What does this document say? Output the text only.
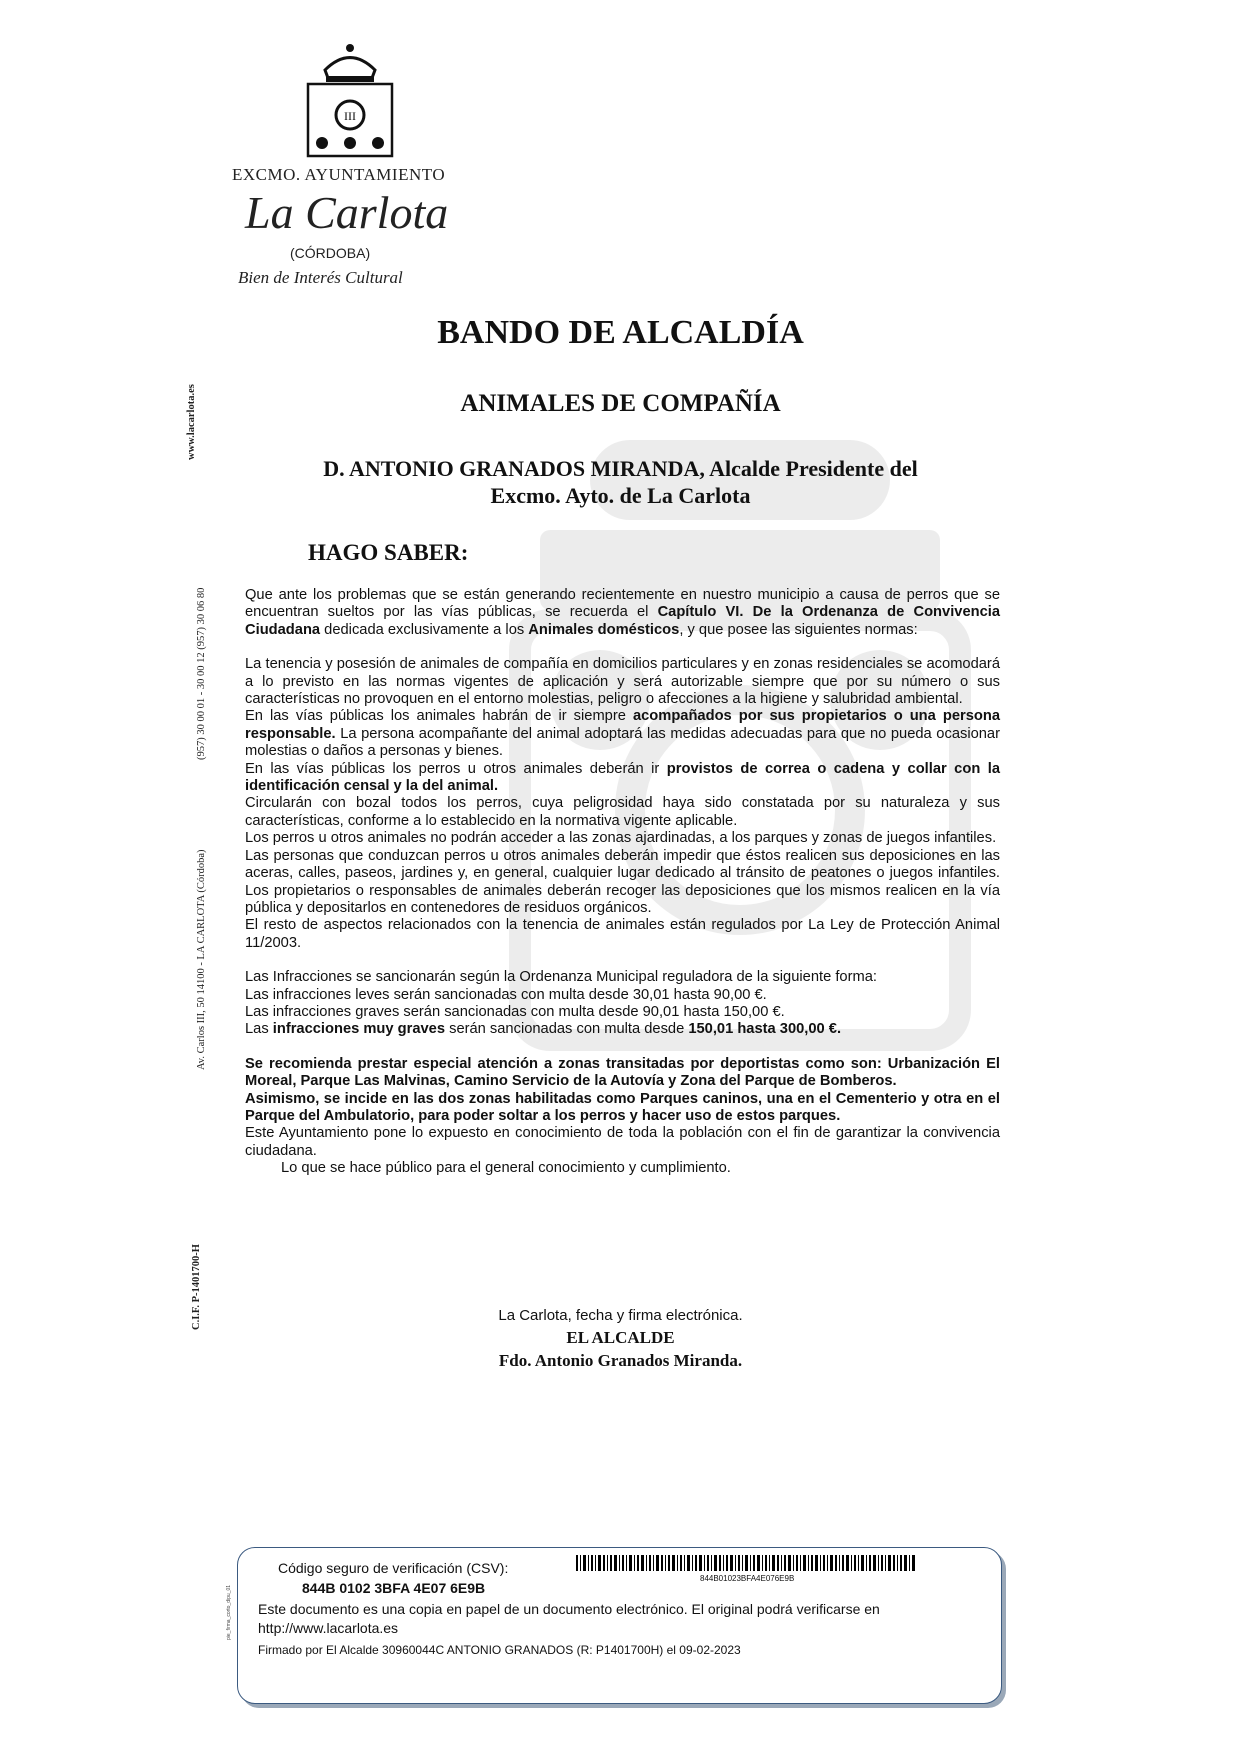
III
EXCMO. AYUNTAMIENTO
La Carlota
(CÓRDOBA)
Bien de Interés Cultural
BANDO DE ALCALDÍA
ANIMALES DE COMPAÑÍA
D. ANTONIO GRANADOS MIRANDA, Alcalde Presidente del
Excmo. Ayto. de La Carlota
HAGO SABER:

Que ante los problemas que se están generando recientemente en nuestro municipio a causa de perros que se encuentran sueltos por las vías públicas, se recuerda el Capítulo VI. De la Ordenanza de Convivencia Ciudadana dedicada exclusivamente a los Animales domésticos, y que posee las siguientes normas:

La tenencia y posesión de animales de compañía en domicilios particulares y en zonas residenciales se acomodará a lo previsto en las normas vigentes de aplicación y será autorizable siempre que por su número o sus características no provoquen en el entorno molestias, peligro o afecciones a la higiene y salubridad ambiental.

En las vías públicas los animales habrán de ir siempre acompañados por sus propietarios o una persona responsable. La persona acompañante del animal adoptará las medidas adecuadas para que no pueda ocasionar molestias o daños a personas y bienes.

En las vías públicas los perros u otros animales deberán ir provistos de correa o cadena y collar con la identificación censal y la del animal.

Circularán con bozal todos los perros, cuya peligrosidad haya sido constatada por su naturaleza y sus características, conforme a lo establecido en la normativa vigente aplicable.

Los perros u otros animales no podrán acceder a las zonas ajardinadas, a los parques y zonas de juegos infantiles.

Las personas que conduzcan perros u otros animales deberán impedir que éstos realicen sus deposiciones en las aceras, calles, paseos, jardines y, en general, cualquier lugar dedicado al tránsito de peatones o juegos infantiles. Los propietarios o responsables de animales deberán recoger las deposiciones que los mismos realicen en la vía pública y depositarlos en contenedores de residuos orgánicos.

El resto de aspectos relacionados con la tenencia de animales están regulados por La Ley de Protección Animal 11/2003.

Las Infracciones se sancionarán según la Ordenanza Municipal reguladora de la siguiente forma:

Las infracciones leves serán sancionadas con multa desde 30,01 hasta 90,00 €.

Las infracciones graves serán sancionadas con multa desde 90,01 hasta 150,00 €.

Las infracciones muy graves serán sancionadas con multa desde 150,01 hasta 300,00 €.

Se recomienda prestar especial atención a zonas transitadas por deportistas como son: Urbanización El Moreal, Parque Las Malvinas, Camino Servicio de la Autovía y Zona del Parque de Bomberos.

Asimismo, se incide en las dos zonas habilitadas como Parques caninos, una en el Cementerio y otra en el Parque del Ambulatorio, para poder soltar a los perros y hacer uso de estos parques.

Este Ayuntamiento pone lo expuesto en conocimiento de toda la población con el fin de garantizar la convivencia ciudadana.

Lo que se hace público para el general conocimiento y cumplimiento.

La Carlota, fecha y firma electrónica.
EL ALCALDE
Fdo. Antonio Granados Miranda.
www.lacarlota.es
(957) 30 00 01 - 30 00 12 (957) 30 06 80
Av. Carlos III, 50 14100 - LA CARLOTA (Córdoba)
C.I.F. P-1401700-H
Código seguro de verificación (CSV):
844B 0102 3BFA 4E07 6E9B
844B01023BFA4E076E9B
Este documento es una copia en papel de un documento electrónico. El original podrá verificarse en
http://www.lacarlota.es
Firmado por El Alcalde 30960044C ANTONIO GRANADOS (R: P1401700H) el 09-02-2023
pie_firma_corto_dipu_01
